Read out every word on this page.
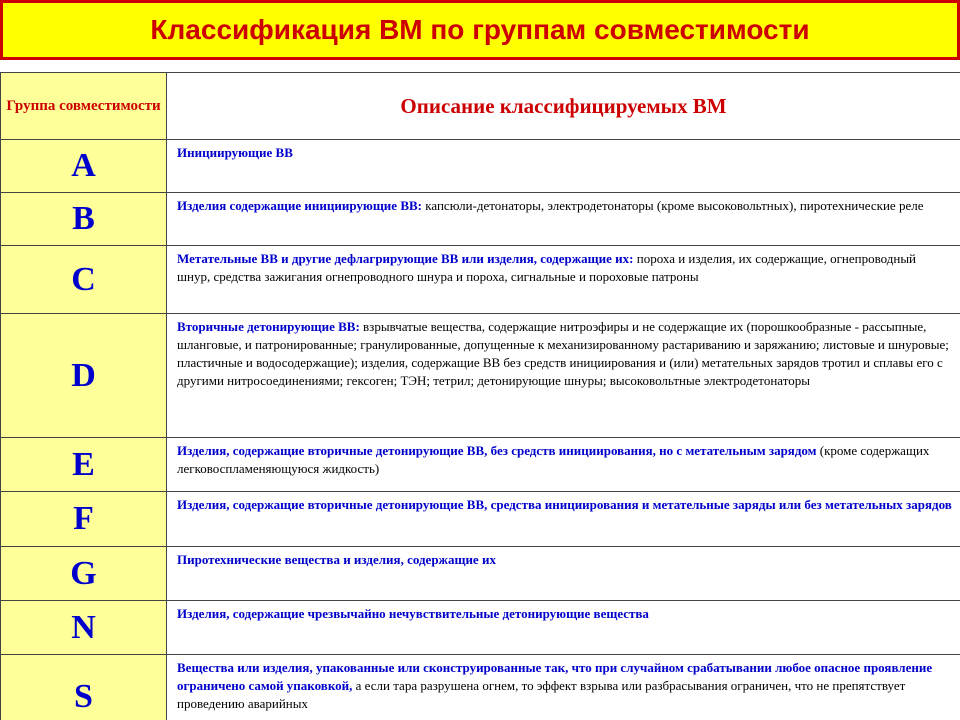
Классификация ВМ по группам совместимости
Группа совместимости	Описание классифицируемых ВМ
A	Инициирующие ВВ
B	Изделия содержащие инициирующие ВВ: капсюли-детонаторы, электродетонаторы (кроме высоковольтных), пиротехнические реле
C	Метательные ВВ и другие дефлагрирующие ВВ или изделия, содержащие их: пороха и изделия, их содержащие, огнепроводный шнур, средства зажигания огнепроводного шнура и пороха, сигнальные и пороховые патроны
D	Вторичные детонирующие ВВ: взрывчатые вещества, содержащие нитроэфиры и не содержащие их (порошкообразные - рассыпные, шланговые, и патронированные; гранулированные, допущенные к механизированному растариванию и заряжанию; листовые и шнуровые; пластичные и водосодержащие); изделия, содержащие ВВ без средств инициирования и (или) метательных зарядов тротил и сплавы его с другими нитросоединениями; гексоген; ТЭН; тетрил; детонирующие шнуры; высоковольтные электродетонаторы
E	Изделия, содержащие вторичные детонирующие ВВ, без средств инициирования, но с метательным зарядом (кроме содержащих легковоспламеняющуюся жидкость)
F	Изделия, содержащие вторичные детонирующие ВВ, средства инициирования и метательные заряды или без метательных зарядов
G	Пиротехнические вещества и изделия, содержащие их
N	Изделия, содержащие чрезвычайно нечувствительные детонирующие вещества
S	Вещества или изделия, упакованные или сконструированные так, что при случайном срабатывании любое опасное проявление ограничено самой упаковкой, а если тара разрушена огнем, то эффект взрыва или разбрасывания ограничен, что не препятствует проведению аварийных
